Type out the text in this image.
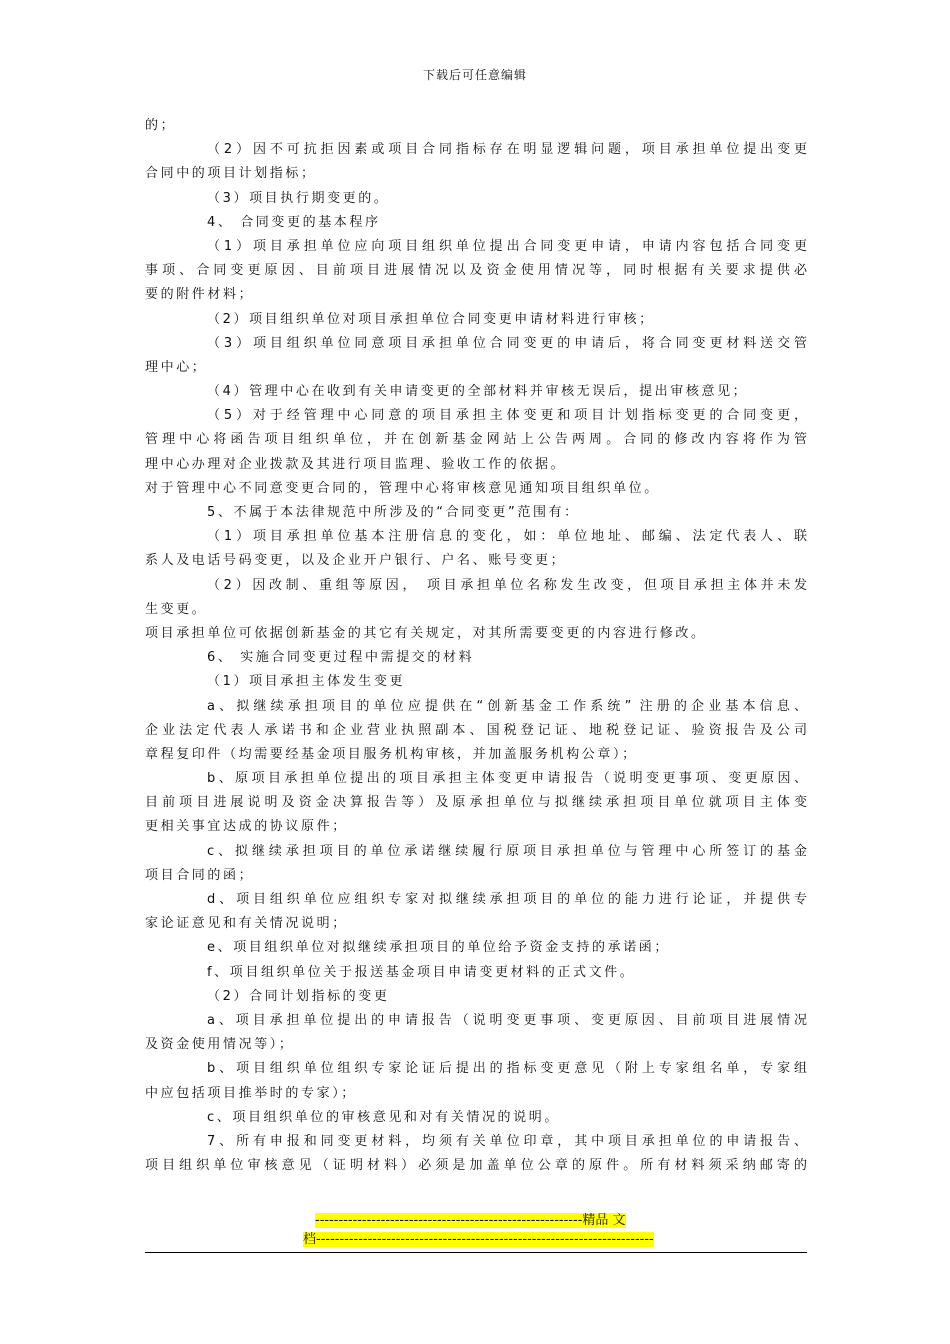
下载后可任意编辑
的；
（2）因不可抗拒因素或项目合同指标存在明显逻辑问题，项目承担单位提出变更
合同中的项目计划指标；
（3）项目执行期变更的。
4、 合同变更的基本程序
（1）项目承担单位应向项目组织单位提出合同变更申请，申请内容包括合同变更
事项、合同变更原因、目前项目进展情况以及资金使用情况等，同时根据有关要求提供必
要的附件材料；
（2）项目组织单位对项目承担单位合同变更申请材料进行审核；
（3）项目组织单位同意项目承担单位合同变更的申请后，将合同变更材料送交管
理中心；
（4）管理中心在收到有关申请变更的全部材料并审核无误后，提出审核意见；
（5）对于经管理中心同意的项目承担主体变更和项目计划指标变更的合同变更，
管理中心将函告项目组织单位，并在创新基金网站上公告两周。合同的修改内容将作为管
理中心办理对企业拨款及其进行项目监理、验收工作的依据。
对于管理中心不同意变更合同的，管理中心将审核意见通知项目组织单位。
5、不属于本法律规范中所涉及的“合同变更”范围有：
（1）项目承担单位基本注册信息的变化，如：单位地址、邮编、法定代表人、联
系人及电话号码变更，以及企业开户银行、户名、账号变更；
（2）因改制、重组等原因， 项目承担单位名称发生改变，但项目承担主体并未发
生变更。
项目承担单位可依据创新基金的其它有关规定，对其所需要变更的内容进行修改。
6、 实施合同变更过程中需提交的材料
（1）项目承担主体发生变更
a、拟继续承担项目的单位应提供在“创新基金工作系统” 注册的企业基本信息、
企业法定代表人承诺书和企业营业执照副本、国税登记证、地税登记证、验资报告及公司
章程复印件（均需要经基金项目服务机构审核，并加盖服务机构公章）；
b、原项目承担单位提出的项目承担主体变更申请报告（说明变更事项、变更原因、
目前项目进展说明及资金决算报告等）及原承担单位与拟继续承担项目单位就项目主体变
更相关事宜达成的协议原件；
c、拟继续承担项目的单位承诺继续履行原项目承担单位与管理中心所签订的基金
项目合同的函；
d、项目组织单位应组织专家对拟继续承担项目的单位的能力进行论证，并提供专
家论证意见和有关情况说明；
e、项目组织单位对拟继续承担项目的单位给予资金支持的承诺函；
f、项目组织单位关于报送基金项目申请变更材料的正式文件。
（2）合同计划指标的变更
a、项目承担单位提出的申请报告（说明变更事项、变更原因、目前项目进展情况
及资金使用情况等）；
b、项目组织单位组织专家论证后提出的指标变更意见（附上专家组名单，专家组
中应包括项目推举时的专家）；
c、项目组织单位的审核意见和对有关情况的说明。
7、所有申报和同变更材料，均须有关单位印章，其中项目承担单位的申请报告、
项目组织单位审核意见（证明材料）必须是加盖单位公章的原件。所有材料须采纳邮寄的
---------------------------------------------------------精品 文
档------------------------------------------------------------------------
